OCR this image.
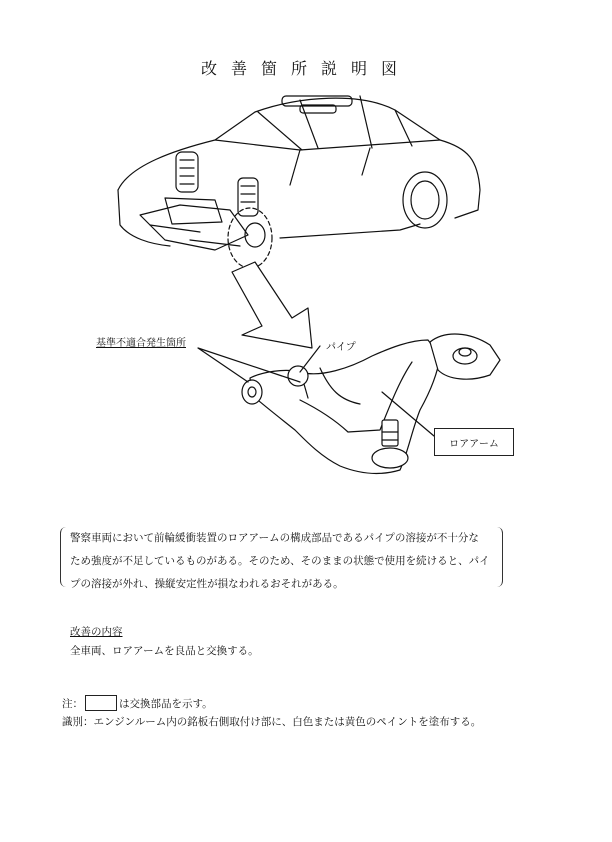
改善箇所説明図
基準不適合発生箇所	パイプ
ロアアーム
警察車両において前輪緩衝装置のロアアームの構成部品であるパイプの溶接が不十分な
ため強度が不足しているものがある。そのため、そのままの状態で使用を続けると、パイ
プの溶接が外れ、操縦安定性が損なわれるおそれがある。
改善の内容
全車両、ロアアームを良品と交換する。
注：	は交換部品を示す。
識別：エンジンルーム内の銘板右側取付け部に、白色または黄色のペイントを塗布する。
